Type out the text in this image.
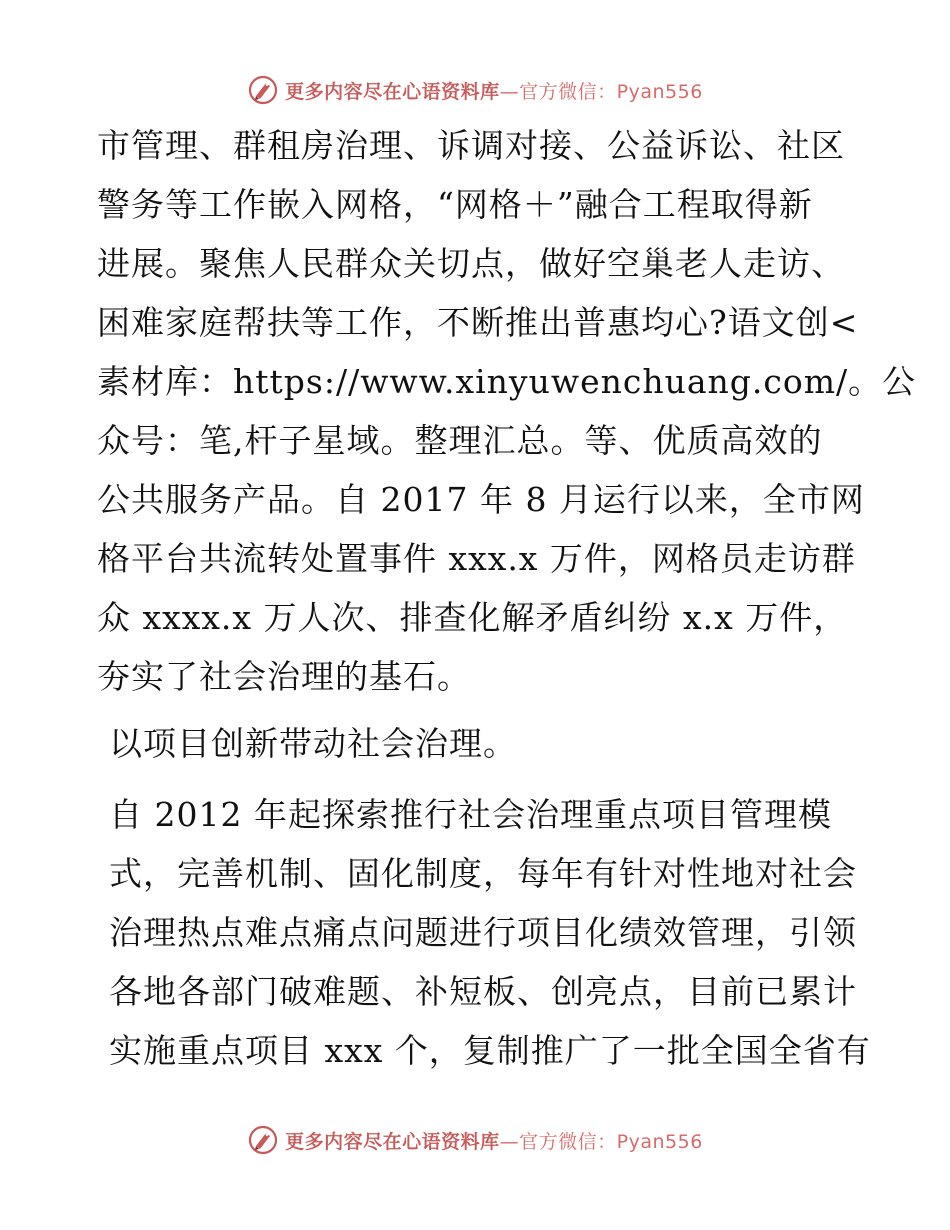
更多内容尽在心语资料库—官方微信：Pyan556

市管理、群租房治理、诉调对接、公益诉讼、社区
警务等工作嵌入网格，“网格＋”融合工程取得新
进展。聚焦人民群众关切点，做好空巢老人走访、
困难家庭帮扶等工作，不断推出普惠均心?语文创<
素材库：https://www.xinyuwenchuang.com/。公
众号：笔,杆子星域。整理汇总。等、优质高效的
公共服务产品。自 2017 年 8 月运行以来，全市网
格平台共流转处置事件 xxx.x 万件，网格员走访群
众 xxxx.x 万人次、排查化解矛盾纠纷 x.x 万件，
夯实了社会治理的基石。

以项目创新带动社会治理。

自 2012 年起探索推行社会治理重点项目管理模
式，完善机制、固化制度，每年有针对性地对社会
治理热点难点痛点问题进行项目化绩效管理，引领
各地各部门破难题、补短板、创亮点，目前已累计
实施重点项目 xxx 个，复制推广了一批全国全省有

更多内容尽在心语资料库—官方微信：Pyan556
